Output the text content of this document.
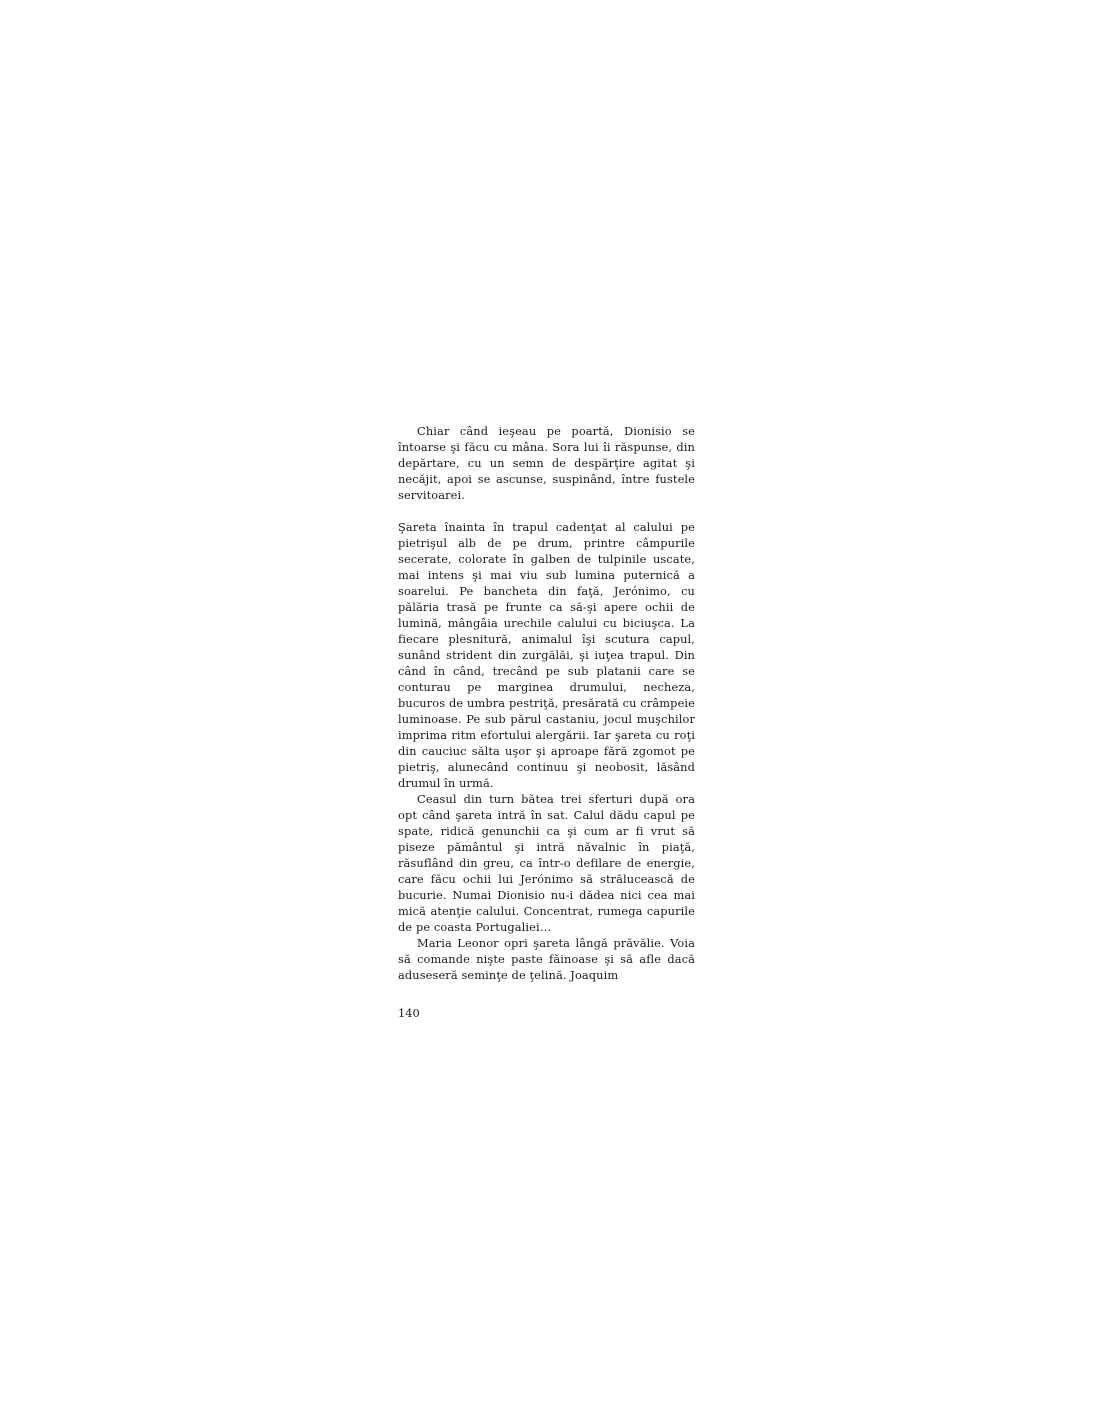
Chiar când ieşeau pe poartă, Dionisio se întoarse şi făcu cu mâna. Sora lui îi răspunse, din depărtare, cu un semn de despărţire agitat şi necăjit, apoi se ascunse, suspinând, între fustele servitoarei.

Şareta înainta în trapul cadenţat al calului pe pietrişul alb de pe drum, printre câmpurile secerate, colorate în galben de tulpinile uscate, mai intens şi mai viu sub lumina puternică a soarelui. Pe bancheta din faţă, Jerónimo, cu pălăria trasă pe frunte ca să-şi apere ochii de lumină, mângâia urechile calului cu biciuşca. La fiecare plesnitură, animalul îşi scutura capul, sunând strident din zurgălăi, şi iuţea trapul. Din când în când, trecând pe sub platanii care se conturau pe marginea drumului, necheza, bucuros de umbra pestriţă, presărată cu crâmpeie luminoase. Pe sub părul castaniu, jocul muşchilor imprima ritm efortului alergării. Iar şareta cu roţi din cauciuc sălta uşor şi aproape fără zgomot pe pietriş, alunecând continuu şi neobosit, lăsând drumul în urmă.

Ceasul din turn bătea trei sferturi după ora opt când şareta intră în sat. Calul dădu capul pe spate, ridică genunchii ca şi cum ar fi vrut să piseze pământul şi intră năvalnic în piaţă, răsuflând din greu, ca într-o defilare de energie, care făcu ochii lui Jerónimo să strălucească de bucurie. Numai Dionisio nu-i dădea nici cea mai mică atenţie calului. Concentrat, rumega capurile de pe coasta Portugaliei…

Maria Leonor opri şareta lângă prăvălie. Voia să comande nişte paste făinoase şi să afle dacă aduseseră seminţe de ţelină. Joaquim

140
